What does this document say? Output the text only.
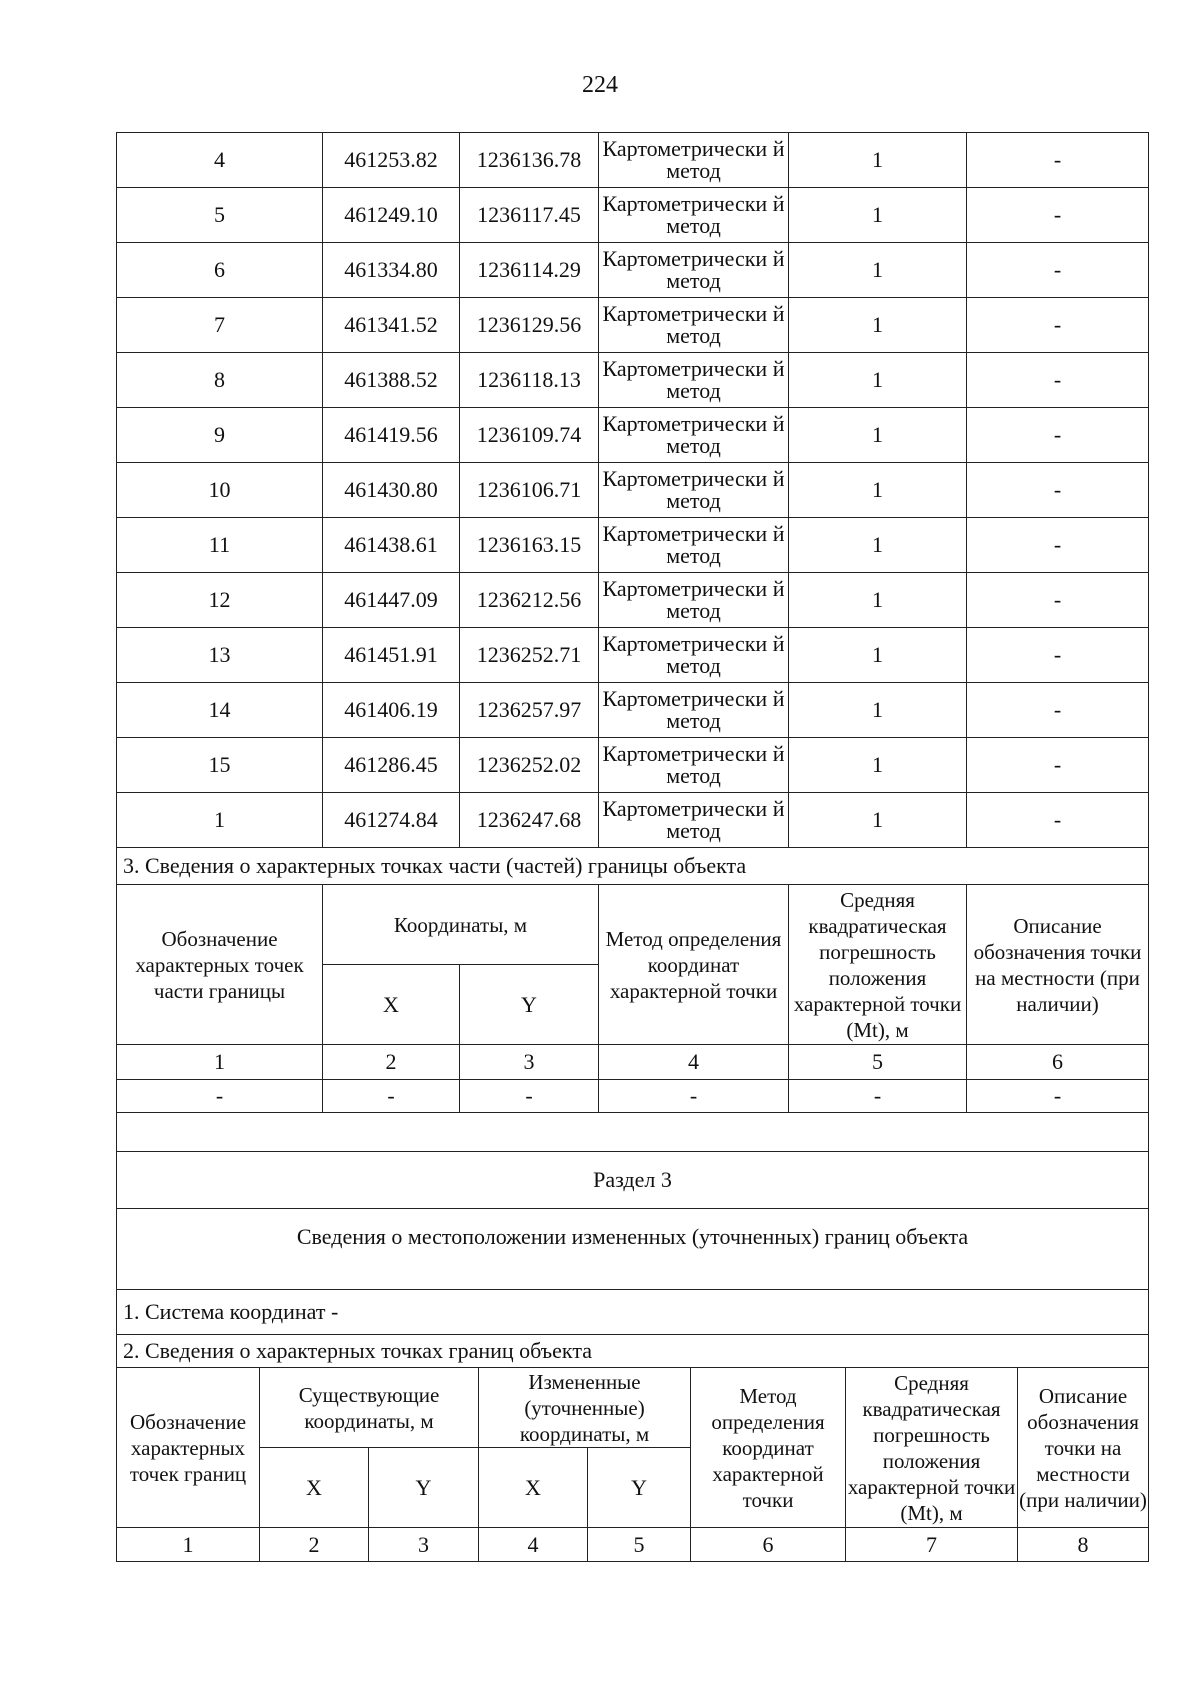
224
4	461253.82	1236136.78	Картометрически й метод	1	-
5	461249.10	1236117.45	Картометрически й метод	1	-
6	461334.80	1236114.29	Картометрически й метод	1	-
7	461341.52	1236129.56	Картометрически й метод	1	-
8	461388.52	1236118.13	Картометрически й метод	1	-
9	461419.56	1236109.74	Картометрически й метод	1	-
10	461430.80	1236106.71	Картометрически й метод	1	-
11	461438.61	1236163.15	Картометрически й метод	1	-
12	461447.09	1236212.56	Картометрически й метод	1	-
13	461451.91	1236252.71	Картометрически й метод	1	-
14	461406.19	1236257.97	Картометрически й метод	1	-
15	461286.45	1236252.02	Картометрически й метод	1	-
1	461274.84	1236247.68	Картометрически й метод	1	-
3. Сведения о характерных точках части (частей) границы объекта					
Обозначение характерных точек части границы	Координаты, м		Метод определения координат характерной точки	Средняя квадратическая погрешность положения характерной точки (Mt), м	Описание обозначения точки на местности (при наличии)
	X	Y			
1	2	3	4	5	6
-	-	-	-	-	-

Раздел 3					
Сведения о местоположении измененных (уточненных) границ объекта					
1. Система координат -					
2. Сведения о характерных точках границ объекта					
Обозначение характерных точек границ	Существующие координаты, м		Измененные (уточненные) координаты, м		Метод определения координат характерной точки	Средняя квадратическая погрешность положения характерной точки (Mt), м	Описание обозначения точки на местности (при наличии)
	X	Y	X	Y			
1	2	3	4	5	6	7	8
